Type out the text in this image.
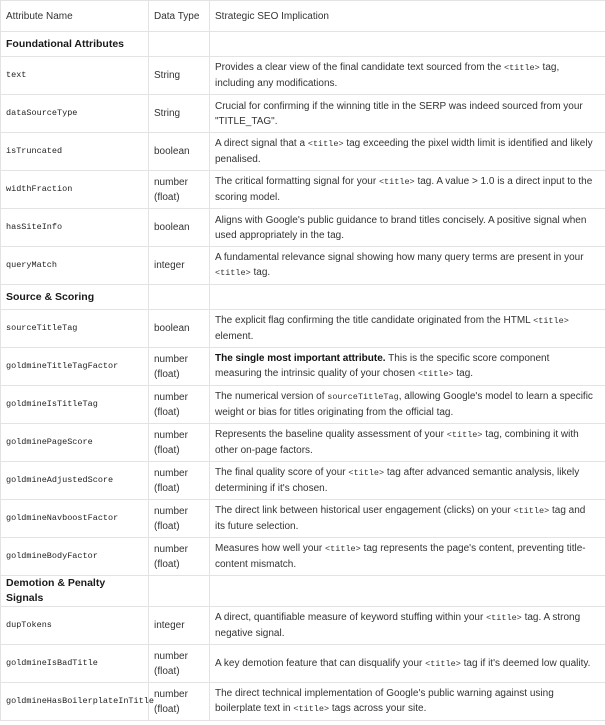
Attribute Name	Data Type	Strategic SEO Implication
Foundational Attributes		
text	String	Provides a clear view of the final candidate text sourced from the <title> tag, including any modifications.
dataSourceType	String	Crucial for confirming if the winning title in the SERP was indeed sourced from your "TITLE_TAG".
isTruncated	boolean	A direct signal that a <title> tag exceeding the pixel width limit is identified and likely penalised.
widthFraction	number (float)	The critical formatting signal for your <title> tag. A value > 1.0 is a direct input to the scoring model.
hasSiteInfo	boolean	Aligns with Google's public guidance to brand titles concisely. A positive signal when used appropriately in the tag.
queryMatch	integer	A fundamental relevance signal showing how many query terms are present in your <title> tag.
Source & Scoring		
sourceTitleTag	boolean	The explicit flag confirming the title candidate originated from the HTML <title> element.
goldmineTitleTagFactor	number (float)	The single most important attribute. This is the specific score component measuring the intrinsic quality of your chosen <title> tag.
goldmineIsTitleTag	number (float)	The numerical version of sourceTitleTag, allowing Google's model to learn a specific weight or bias for titles originating from the official tag.
goldminePageScore	number (float)	Represents the baseline quality assessment of your <title> tag, combining it with other on-page factors.
goldmineAdjustedScore	number (float)	The final quality score of your <title> tag after advanced semantic analysis, likely determining if it's chosen.
goldmineNavboostFactor	number (float)	The direct link between historical user engagement (clicks) on your <title> tag and its future selection.
goldmineBodyFactor	number (float)	Measures how well your <title> tag represents the page's content, preventing title-content mismatch.
Demotion & Penalty Signals		
dupTokens	integer	A direct, quantifiable measure of keyword stuffing within your <title> tag. A strong negative signal.
goldmineIsBadTitle	number (float)	A key demotion feature that can disqualify your <title> tag if it's deemed low quality.
goldmineHasBoilerplateInTitle	number (float)	The direct technical implementation of Google's public warning against using boilerplate text in <title> tags across your site.
